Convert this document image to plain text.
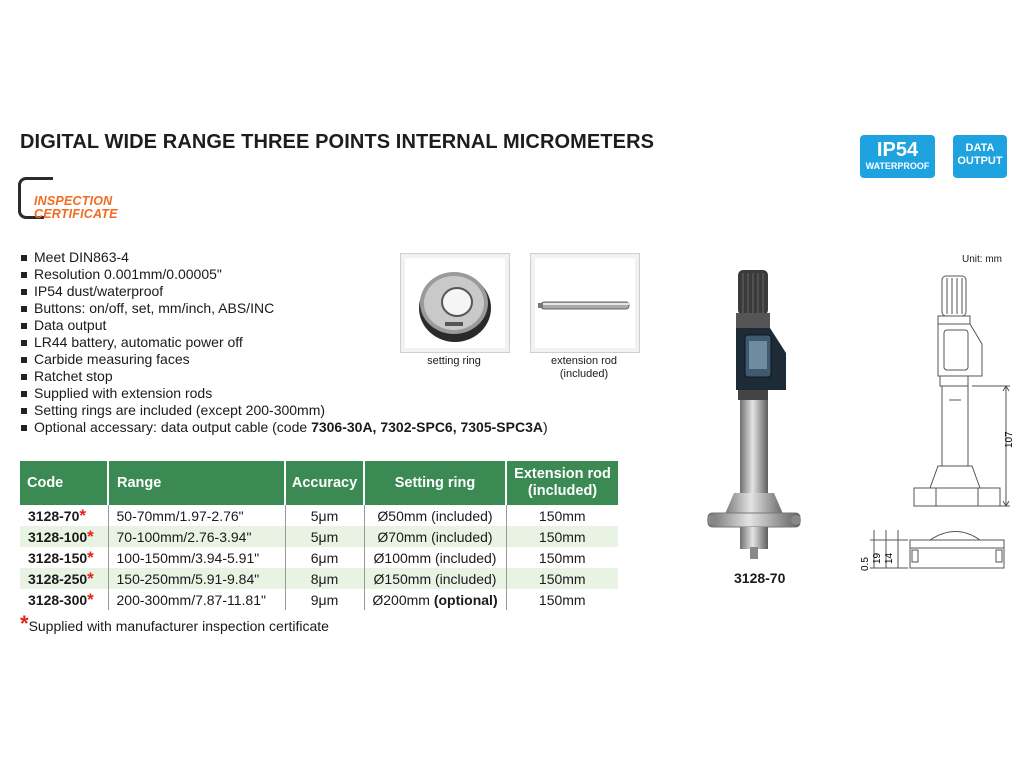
DIGITAL WIDE RANGE THREE POINTS INTERNAL MICROMETERS	IP54
WATERPROOF
DATA
OUTPUT
INSPECTION
CERTIFICATE
Meet DIN863-4
Resolution 0.001mm/0.00005"
IP54 dust/waterproof
Buttons: on/off, set, mm/inch, ABS/INC
Data output
LR44 battery, automatic power off
Carbide measuring faces
Ratchet stop
Supplied with extension rods
Setting rings are included (except 200-300mm)
Optional accessary: data output cable (code 7306-30A, 7302-SPC6, 7305-SPC3A)
setting ring	extension rod
(included)
3128-70
Unit: mm
107
0.5 19 14
Code	Range	Accuracy	Setting ring	Extension rod
(included)

3128-70*	50-70mm/1.97-2.76"	5μm	Ø50mm (included)	150mm
3128-100*	70-100mm/2.76-3.94"	5μm	Ø70mm (included)	150mm
3128-150*	100-150mm/3.94-5.91"	6μm	Ø100mm (included)	150mm
3128-250*	150-250mm/5.91-9.84"	8μm	Ø150mm (included)	150mm
3128-300*	200-300mm/7.87-11.81"	9μm	Ø200mm (optional)	150mm
*Supplied with manufacturer inspection certificate
